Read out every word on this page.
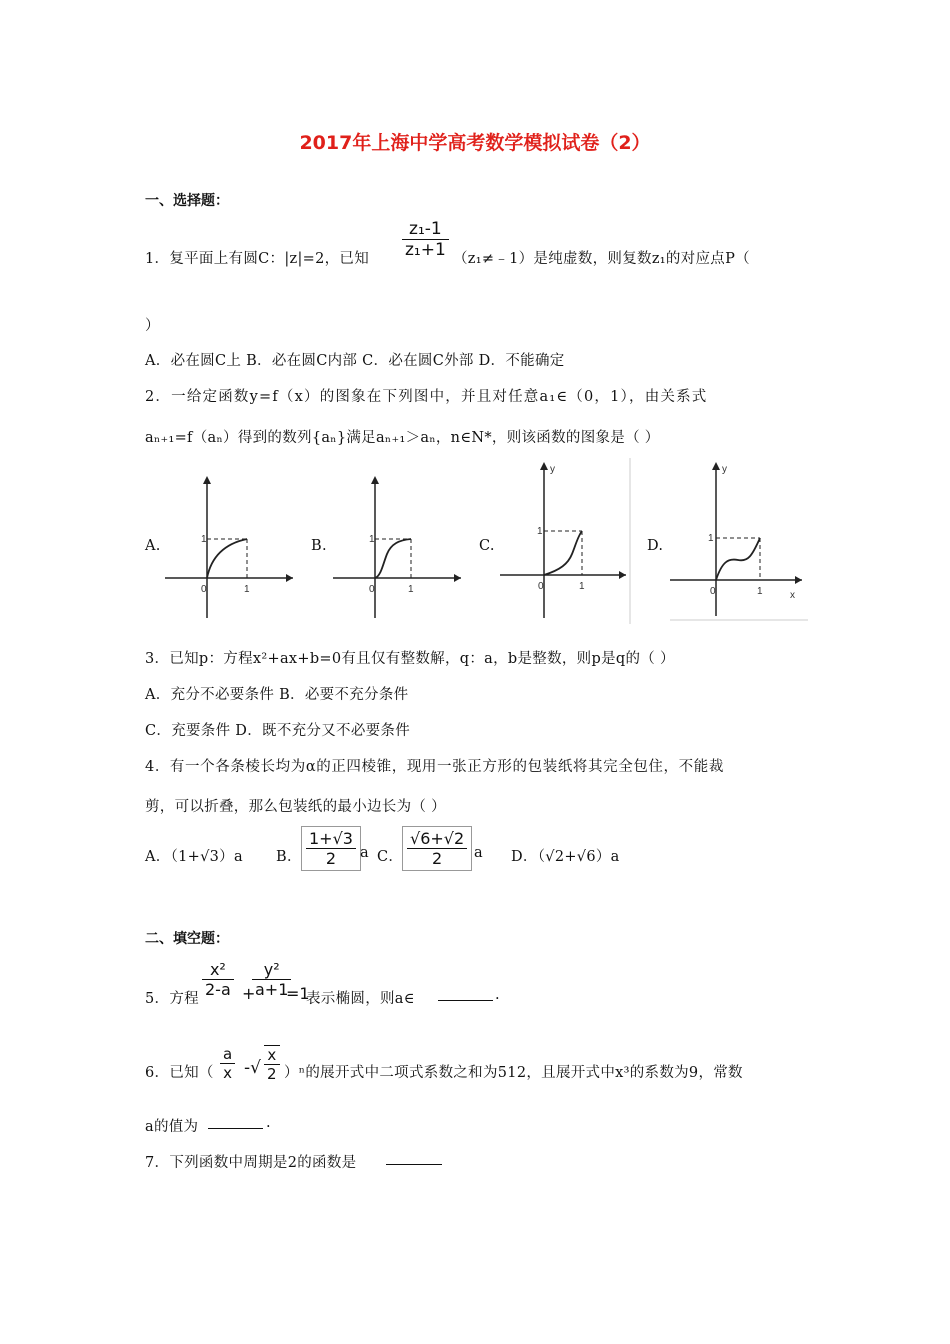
2017年上海中学高考数学模拟试卷（2）
一、选择题：
1．复平面上有圆C：|z|=2，已知 $\frac{\text{z₁-1}}{\text{z₁+1}}$ （z₁≠﹣1）是纯虚数，则复数z₁的对应点P（
）
A．必在圆C上 B．必在圆C内部 C．必在圆C外部 D．不能确定
2．一给定函数y=f（x）的图象在下列图中，并且对任意a₁∈（0，1），由关系式
aₙ₊₁=f（aₙ）得到的数列{aₙ}满足aₙ₊₁＞aₙ，n∈N*，则该函数的图象是（ ）
A.	B.	C.	D.
1
0	1
1
0	1
1
0	1
y
1
0	1
y
x
3．已知p：方程x²+ax+b=0有且仅有整数解，q：a，b是整数，则p是q的（ ）
A．充分不必要条件 B．必要不充分条件
C．充要条件 D．既不充分又不必要条件
4．有一个各条棱长均为α的正四棱锥，现用一张正方形的包装纸将其完全包住，不能裁
剪，可以折叠，那么包装纸的最小边长为（ ）
A．（1+√3）a B． $\frac{1+√3}{2}$ a C．
$\frac{√6+√2}{2}$ a D．（√2+√6）a
二、填空题：
5．方程 $\frac{\text{x²}}{2-a}$ +
$\frac{\text{y²}}{a+1}$
=1
表示椭圆，则a∈	.
6．已知（ $\frac{a}{x}$ -√ $\frac{x}{2} )^n$的展开式中二项式系数之和为512，且展开式中x³的系数为9，常数
a的值为	.
7．下列函数中周期是2的函数是
